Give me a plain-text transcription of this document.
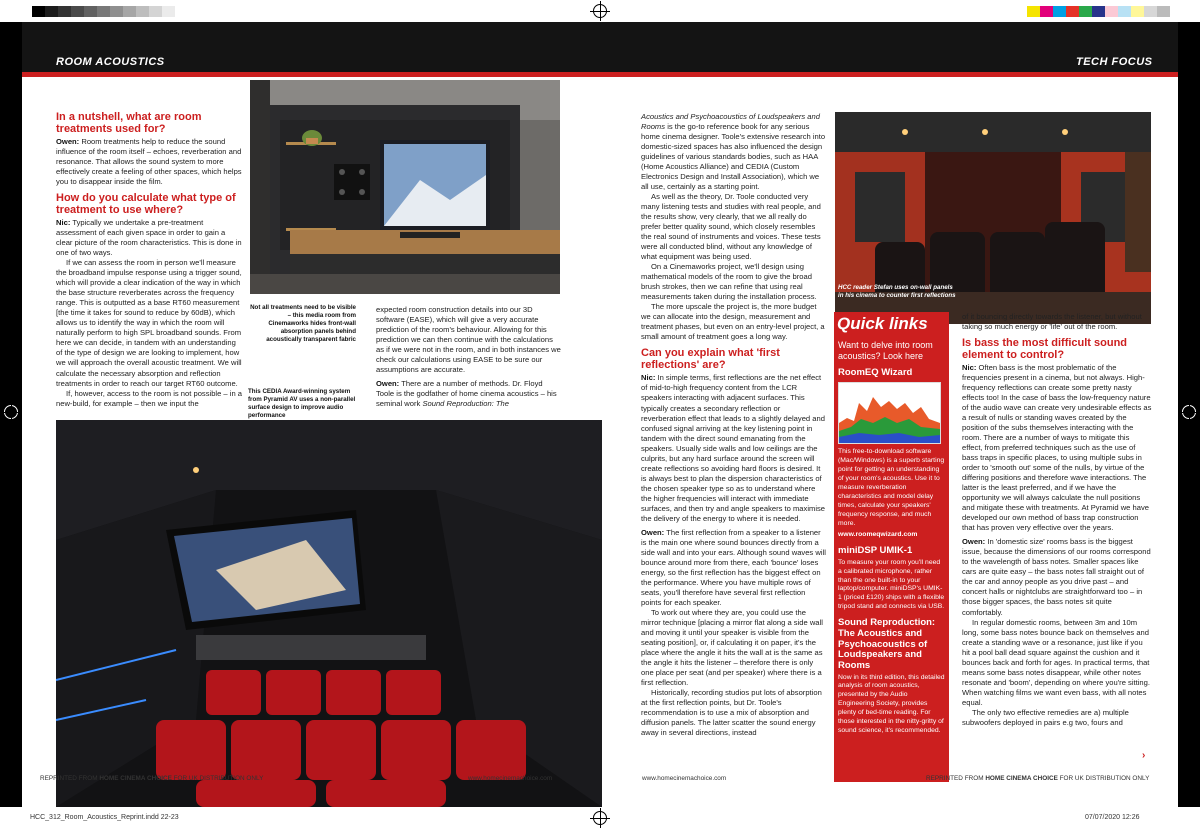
ROOM ACOUSTICS	TECH FOCUS
In a nutshell, what are room treatments used for?

Owen: Room treatments help to reduce the sound influence of the room itself – echoes, reverberation and resonance. That allows the sound system to more effectively create a feeling of other spaces, which helps you to disappear inside the film.

How do you calculate what type of treatment to use where?

Nic: Typically we undertake a pre-treatment assessment of each given space in order to gain a clear picture of the room characteristics. This is done in one of two ways.

If we can assess the room in person we'll measure the broadband impulse response using a trigger sound, which will provide a clear indication of the way in which the base structure reverberates across the frequency range. This is outputted as a base RT60 measurement [the time it takes for sound to reduce by 60dB), which allows us to identify the way in which the room will naturally perform to high SPL broadband sounds. From here we can decide, in tandem with an understanding of the type of design we are looking to implement, how we will approach the overall acoustic treatment. We will calculate the necessary absorption and reflection treatments in order to reach our target RT60 outcome.

If, however, access to the room is not possible – in a new-build, for example – then we input the

Not all treatments need to be visible – this media room from Cinemaworks hides front-wall absorption panels behind acoustically transparent fabric
This CEDIA Award-winning system from Pyramid AV uses a non-parallel surface design to improve audio performance

expected room construction details into our 3D software (EASE), which will give a very accurate prediction of the room's behaviour. Allowing for this prediction we can then continue with the calculations as if we were not in the room, and in both instances we check our calculations using EASE to be sure our assumptions are accurate.

Owen: There are a number of methods. Dr. Floyd Toole is the godfather of home cinema acoustics – his seminal work Sound Reproduction: The

Acoustics and Psychoacoustics of Loudspeakers and Rooms is the go-to reference book for any serious home cinema designer. Toole's extensive research into domestic-sized spaces has also influenced the design guidelines of various standards bodies, such as HAA (Home Acoustics Alliance) and CEDIA (Custom Electronics Design and Install Association), which we all use, certainly as a starting point.

As well as the theory, Dr. Toole conducted very many listening tests and studies with real people, and the results show, very clearly, that we all really do prefer better quality sound, which closely resembles the real sound of instruments and voices. These tests were all conducted blind, without any knowledge of what equipment was being used.

On a Cinemaworks project, we'll design using mathematical models of the room to give the broad brush strokes, then we can refine that using real measurements taken during the installation process.

The more upscale the project is, the more budget we can allocate into the design, measurement and treatment phases, but even on an entry-level project, a small amount of treatment goes a long way.

Can you explain what 'first reflections' are?

Nic: In simple terms, first reflections are the net effect of mid-to-high frequency content from the LCR speakers interacting with adjacent surfaces. This typically creates a secondary reflection or reverberation effect that leads to a slightly delayed and confused signal arriving at the key listening point in tandem with the direct sound emanating from the speakers. Usually side walls and low ceilings are the culprits, but any hard surface around the screen will create reflections so avoiding hard floors is desired. It is always best to plan the dispersion characteristics of the chosen speaker type so as to understand where the higher frequencies will interact with immediate surfaces, and then try and angle speakers to maximise the delivery of the energy to where it is needed.

Owen: The first reflection from a speaker to a listener is the main one where sound bounces directly from a side wall and into your ears. Although sound waves will bounce around more from there, each 'bounce' loses energy, so the first reflection has the biggest effect on the performance. Where you have multiple rows of seats, you'll therefore have several first reflection points for each speaker.

To work out where they are, you could use the mirror technique [placing a mirror flat along a side wall and moving it until your speaker is visible from the seating position], or, if calculating it on paper, it's the place where the angle it hits the wall at is the same as the angle it hits the listener – therefore there is only one place per seat (and per speaker) where there is a first reflection.

Historically, recording studios put lots of absorption at the first reflection points, but Dr. Toole's recommendation is to use a mix of absorption and diffusion panels. The latter scatter the sound energy away in several directions, instead

HCC reader Stefan uses on-wall panels in his cinema to counter first reflections
Quick links
Want to delve into room acoustics? Look here
RoomEQ Wizard
This free-to-download software (Mac/Windows) is a superb starting point for getting an understanding of your room's acoustics. Use it to measure reverberation characteristics and model delay times, calculate your speakers' frequency response, and much more.
www.roomeqwizard.com
miniDSP UMIK-1
To measure your room you'll need a calibrated microphone, rather than the one built-in to your laptop/computer. miniDSP's UMIK-1 (priced £120) ships with a flexible tripod stand and connects via USB.
Sound Reproduction: The Acoustics and Psychoacoustics of Loudspeakers and Rooms
Now in its third edition, this detailed analysis of room acoustics, presented by the Audio Engineering Society, provides plenty of bed-time reading. For those interested in the nitty-gritty of sound science, it's recommended.

of it bouncing directly towards the listener, but without taking so much energy or 'life' out of the room.

Is bass the most difficult sound element to control?

Nic: Often bass is the most problematic of the frequencies present in a cinema, but not always. High-frequency reflections can create some pretty nasty effects too! In the case of bass the low-frequency nature of the audio wave can create very undesirable effects as a result of nulls or standing waves created by the position of the subs themselves interacting with the room. There are a number of ways to mitigate this effect, from preferred techniques such as the use of bass traps in specific places, to using multiple subs in order to 'smooth out' some of the nulls, by virtue of the differing positions and therefore wave interactions. The latter is the least preferred, and if we have the opportunity we will always calculate the null positions and mitigate these with treatments. At Pyramid we have developed our own method of bass trap construction that has proven very effective over the years.

Owen: In 'domestic size' rooms bass is the biggest issue, because the dimensions of our rooms correspond to the wavelength of bass notes. Smaller spaces like cars are quite easy – the bass notes fall straight out of the car and annoy people as you drive past – and concert halls or nightclubs are straightforward too – in those bigger spaces, the bass notes sit quite comfortably.

In regular domestic rooms, between 3m and 10m long, some bass notes bounce back on themselves and create a standing wave or a resonance, just like if you hit a pool ball dead square against the cushion and it bounces back and forth for ages. In practical terms, that means some bass notes disappear, while other notes resonate and 'boom', depending on where you're sitting. When watching films we want even bass, with all notes equal.

The only two effective remedies are a) multiple subwoofers deployed in pairs e.g two, fours and

›
REPRINTED FROM HOME CINEMA CHOICE FOR UK DISTRIBUTION ONLY	www.homecinemachoice.com	www.homecinemachoice.com	REPRINTED FROM HOME CINEMA CHOICE FOR UK DISTRIBUTION ONLY
HCC_312_Room_Acoustics_Reprint.indd 22-23	07/07/2020 12:26
